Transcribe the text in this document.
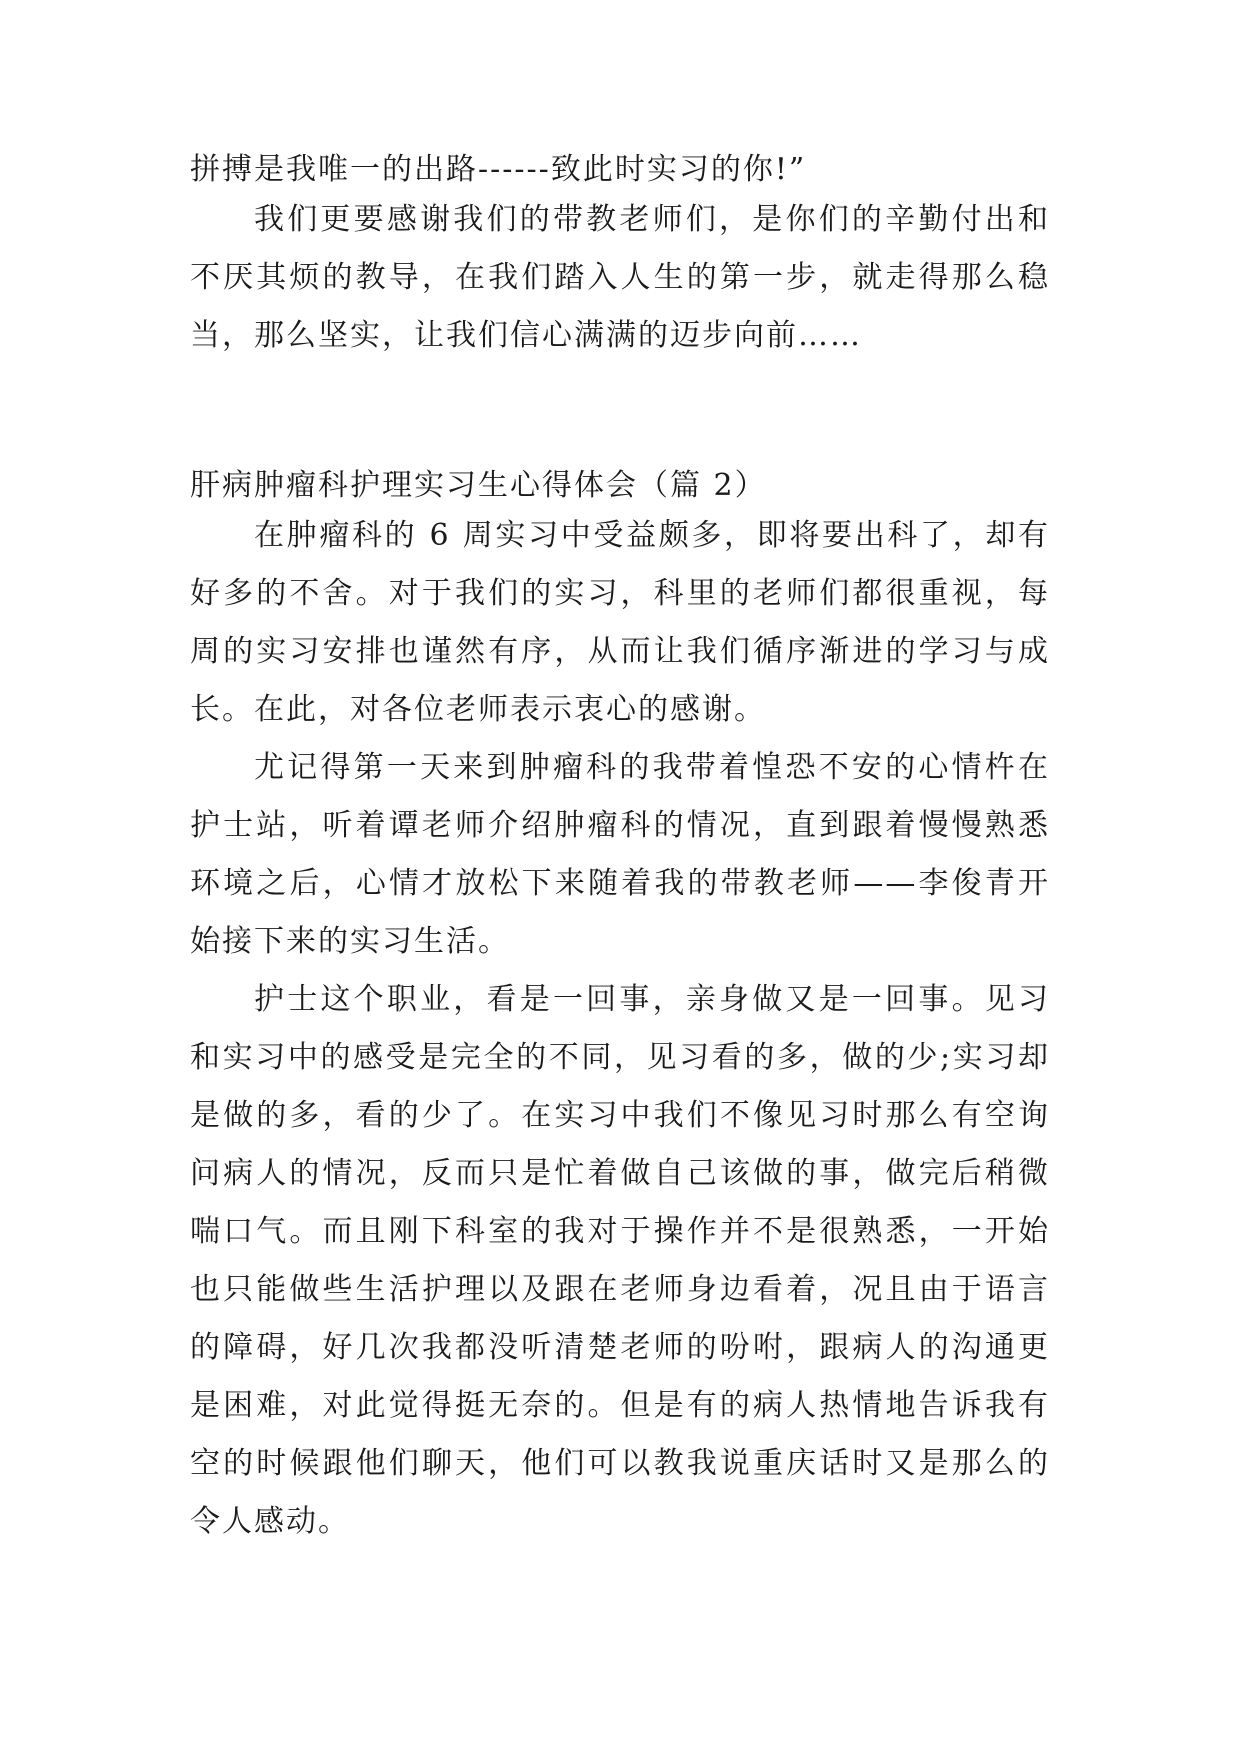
拼搏是我唯一的出路------致此时实习的你!”

我们更要感谢我们的带教老师们，是你们的辛勤付出和不厌其烦的教导，在我们踏入人生的第一步，就走得那么稳当，那么坚实，让我们信心满满的迈步向前……

肝病肿瘤科护理实习生心得体会（篇 2）

在肿瘤科的 6 周实习中受益颇多，即将要出科了，却有好多的不舍。对于我们的实习，科里的老师们都很重视，每周的实习安排也谨然有序，从而让我们循序渐进的学习与成长。在此，对各位老师表示衷心的感谢。

尤记得第一天来到肿瘤科的我带着惶恐不安的心情杵在护士站，听着谭老师介绍肿瘤科的情况，直到跟着慢慢熟悉环境之后，心情才放松下来随着我的带教老师——李俊青开始接下来的实习生活。

护士这个职业，看是一回事，亲身做又是一回事。见习和实习中的感受是完全的不同，见习看的多，做的少;实习却是做的多，看的少了。在实习中我们不像见习时那么有空询问病人的情况，反而只是忙着做自己该做的事，做完后稍微喘口气。而且刚下科室的我对于操作并不是很熟悉，一开始也只能做些生活护理以及跟在老师身边看着，况且由于语言的障碍，好几次我都没听清楚老师的吩咐，跟病人的沟通更是困难，对此觉得挺无奈的。但是有的病人热情地告诉我有空的时候跟他们聊天，他们可以教我说重庆话时又是那么的令人感动。
